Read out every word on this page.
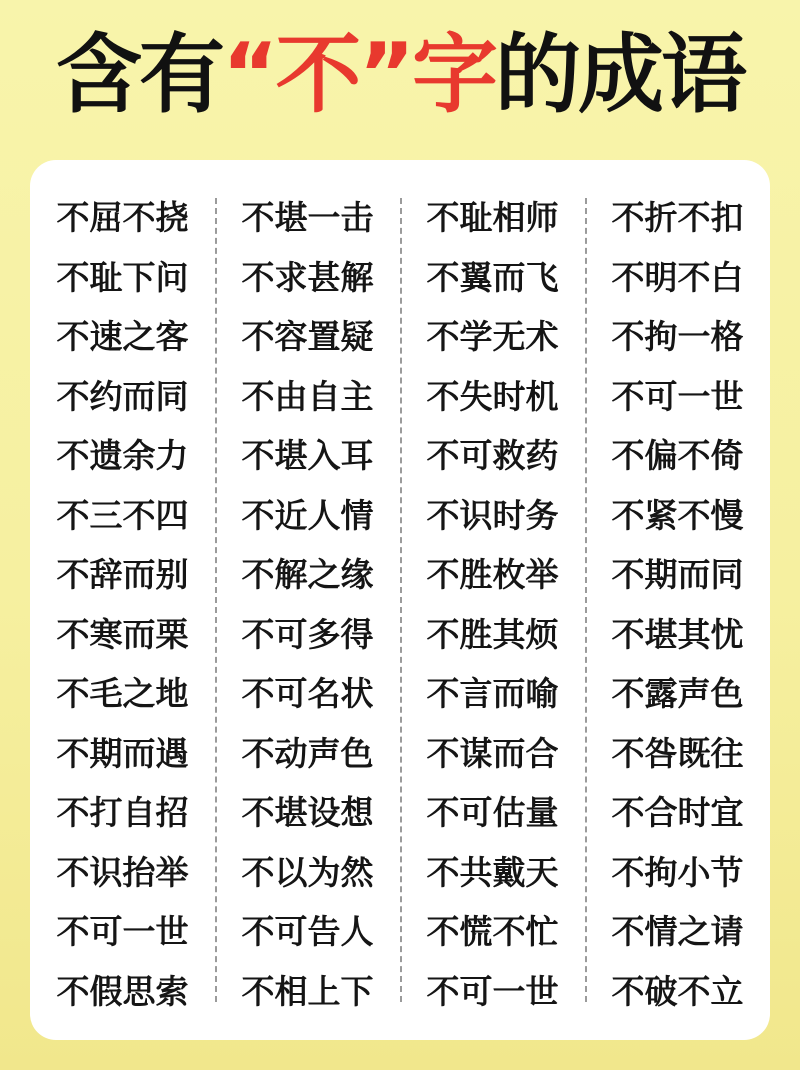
含有“不”字的成语
不屈不挠
不耻下问
不速之客
不约而同
不遗余力
不三不四
不辞而别
不寒而栗
不毛之地
不期而遇
不打自招
不识抬举
不可一世
不假思索
不堪一击
不求甚解
不容置疑
不由自主
不堪入耳
不近人情
不解之缘
不可多得
不可名状
不动声色
不堪设想
不以为然
不可告人
不相上下
不耻相师
不翼而飞
不学无术
不失时机
不可救药
不识时务
不胜枚举
不胜其烦
不言而喻
不谋而合
不可估量
不共戴天
不慌不忙
不可一世
不折不扣
不明不白
不拘一格
不可一世
不偏不倚
不紧不慢
不期而同
不堪其忧
不露声色
不咎既往
不合时宜
不拘小节
不情之请
不破不立
